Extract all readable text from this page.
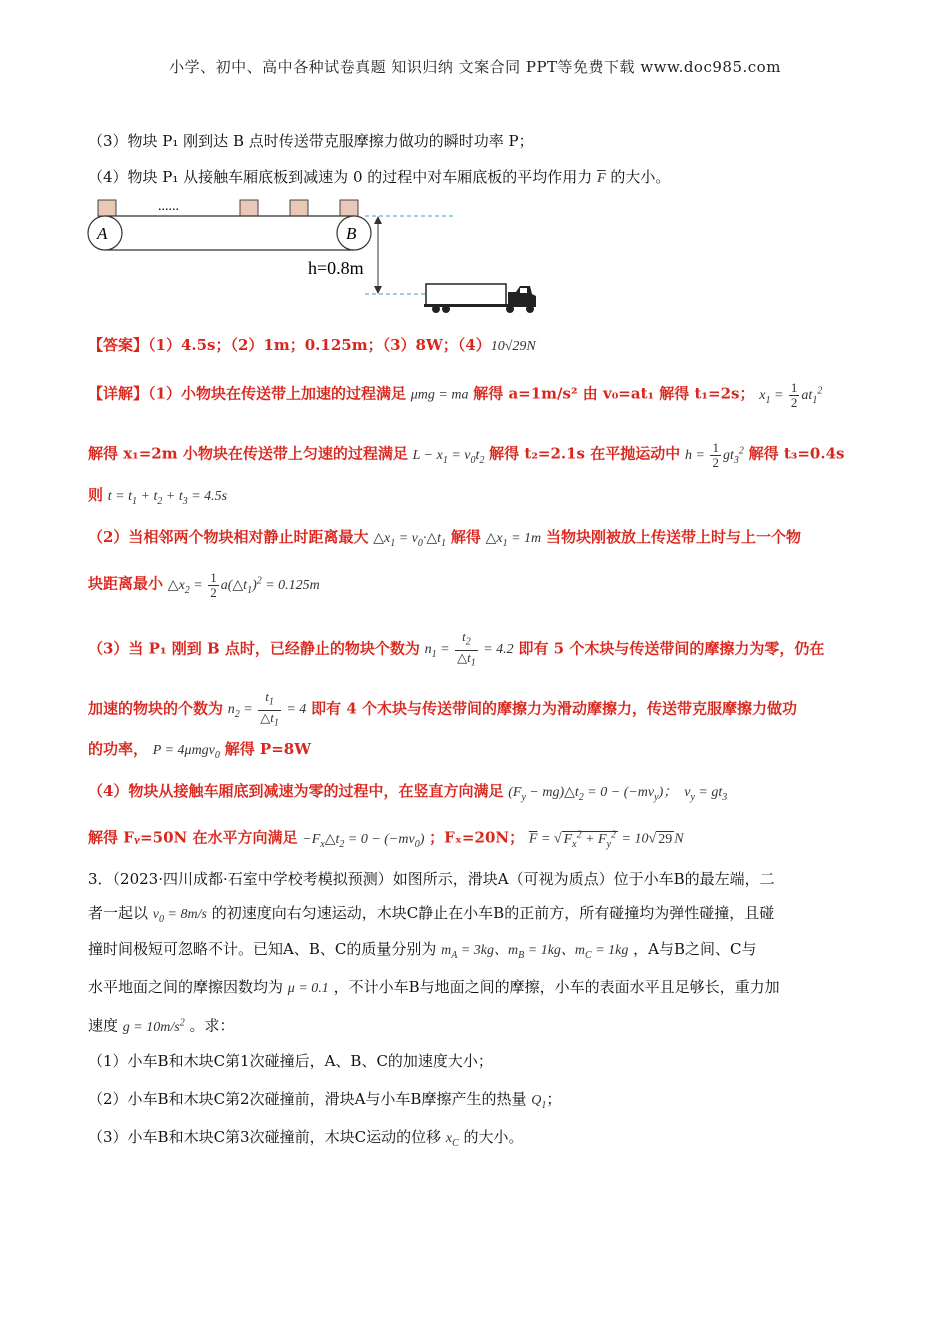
小学、初中、高中各种试卷真题 知识归纳 文案合同 PPT等免费下载 www.doc985.com
（3）物块 P₁ 刚到达 B 点时传送带克服摩擦力做功的瞬时功率 P；
（4）物块 P₁ 从接触车厢底板到减速为 0 的过程中对车厢底板的平均作用力 $\overline{F}$ 的大小。
......
A	B
h=0.8m
【答案】（1）4.5s；（2）1m；0.125m；（3）8W；（4）10√29N
【详解】（1）小物块在传送带上加速的过程满足 μmg = ma 解得 a=1m/s² 由 v₀=at₁ 解得 t₁=2s； $x_1 = \frac{1}{2} at_1^2$
解得 x₁=2m 小物块在传送带上匀速的过程满足 $L - x_1 = v_0t_2$ 解得 t₂=2.1s 在平抛运动中 $h = \frac{1}{2} gt_3^2$ 解得 t₃=0.4s
则 $t = t_1 + t_2 + t_3 = 4.5s$
（2）当相邻两个物块相对静止时距离最大 $\triangle x_1$ = $v_0\cdot\triangle t_1$ 解得 $\triangle x_1 = 1m$ 当物块刚被放上传送带上时与上一个物
块距离最小 $\triangle x_2 = \frac{1}{2}$ $a(\triangle t_1)^2 = 0.125m$
（3）当 P₁ 刚到 B 点时，已经静止的物块个数为 $n_1 = \frac{t_2}{\triangle t_1} = 4.2$ 即有 5 个木块与传送带间的摩擦力为零，仍在
加速的物块的个数为 $n_2 = \frac{t_1}{\triangle t_1} = 4$ 即有 4 个木块与传送带间的摩擦力为滑动摩擦力，传送带克服摩擦力做功
的功率， P = 4μmgv$_0$ 解得 P=8W
（4）物块从接触车厢底到减速为零的过程中，在竖直方向满足 ($F_y$ − $mg)\triangle t_2 = 0 - (-mv_y)$；  $v_y = gt_3$
解得 Fᵧ=50N 在水平方向满足 $-F_x\triangle t_2 = 0 - (-mv_0)$ ；Fₓ=20N； $\overline{F}$ = √ $F_x^2 + F_y^2 = 10√$ 29 N
3．（2023·四川成都·石室中学校考模拟预测）如图所示，滑块A（可视为质点）位于小车B的最左端，二
者一起以 $v_0 = 8m/s$ 的初速度向右匀速运动，木块C静止在小车B的正前方，所有碰撞均为弹性碰撞，且碰
撞时间极短可忽略不计。已知A、B、C的质量分别为 $m_A = 3kg$、$m_B = 1kg$、$m_C = 1kg$ ，A与B之间、C与
水平地面之间的摩擦因数均为 μ = 0.1 ，不计小车B与地面之间的摩擦，小车的表面水平且足够长，重力加
速度 $g = 10m/s^2$ 。求：
（1）小车B和木块C第1次碰撞后，A、B、C的加速度大小；
（2）小车B和木块C第2次碰撞前，滑块A与小车B摩擦产生的热量 $Q_1$；
（3）小车B和木块C第3次碰撞前，木块C运动的位移 $x_C$ 的大小。
